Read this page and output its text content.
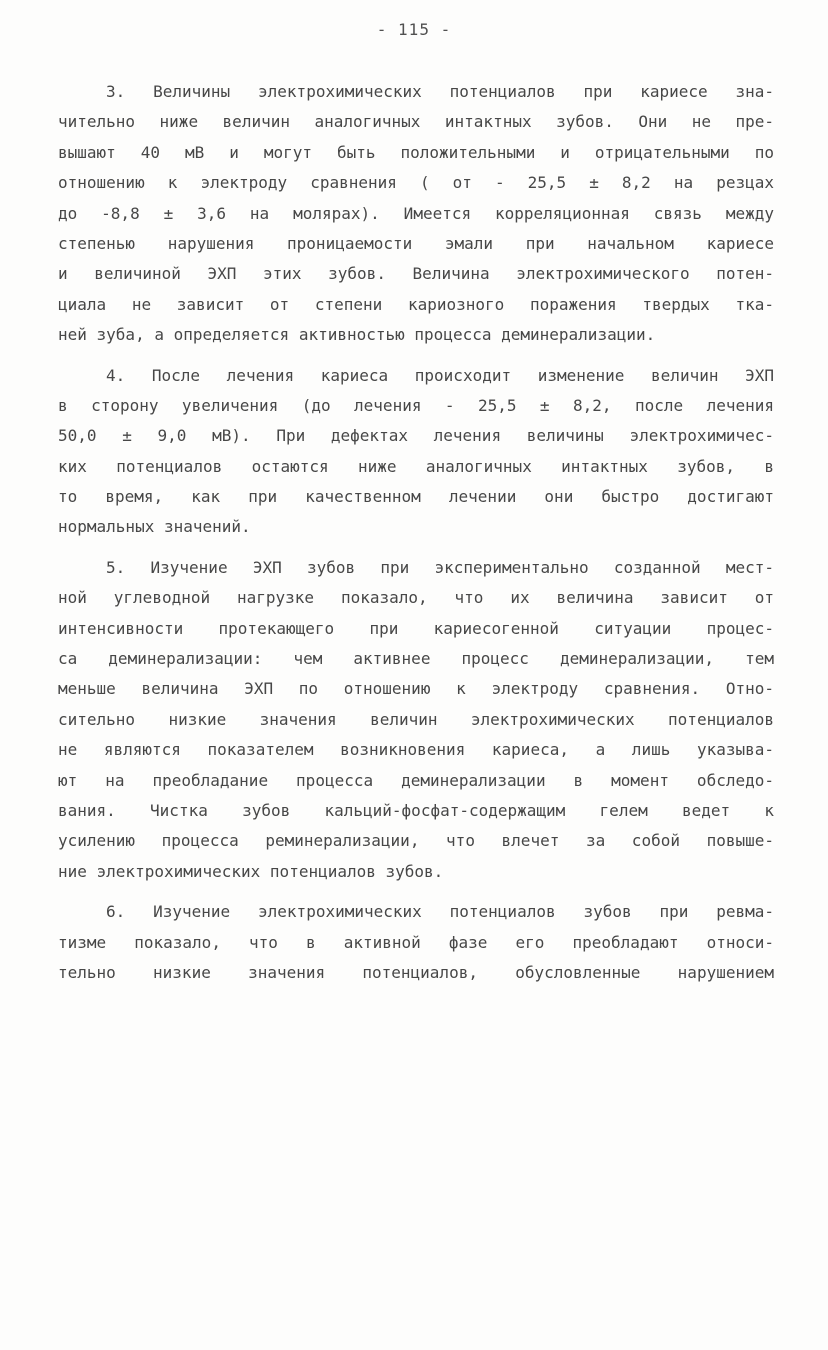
- 115 -
3. Величины электрохимических потенциалов при кариесе зна-
чительно ниже величин аналогичных интактных зубов. Они не пре-
вышают 40 мВ и могут быть положительными и отрицательными по
отношению к электроду сравнения ( от - 25,5 ± 8,2 на резцах
до -8,8 ± 3,6 на молярах). Имеется корреляционная связь между
степенью нарушения проницаемости эмали при начальном кариесе
и величиной ЭХП этих зубов. Величина электрохимического потен-
циала не зависит от степени кариозного поражения твердых тка-
ней зуба, а определяется активностью процесса деминерализации.
4. После лечения кариеса происходит изменение величин ЭХП
в сторону увеличения (до лечения - 25,5 ± 8,2, после лечения
50,0 ± 9,0 мВ). При дефектах лечения величины электрохимичес-
ких потенциалов остаются ниже аналогичных интактных зубов, в
то время, как при качественном лечении они быстро достигают
нормальных значений.
5. Изучение ЭХП зубов при экспериментально созданной мест-
ной углеводной нагрузке показало, что их величина зависит от
интенсивности протекающего при кариесогенной ситуации процес-
са деминерализации: чем активнее процесс деминерализации, тем
меньше величина ЭХП по отношению к электроду сравнения. Отно-
сительно низкие значения величин электрохимических потенциалов
не являются показателем возникновения кариеса, а лишь указыва-
ют на преобладание процесса деминерализации в момент обследо-
вания. Чистка зубов кальций-фосфат-содержащим гелем ведет к
усилению процесса реминерализации, что влечет за собой повыше-
ние электрохимических потенциалов зубов.
6. Изучение электрохимических потенциалов зубов при ревма-
тизме показало, что в активной фазе его преобладают относи-
тельно низкие значения потенциалов, обусловленные нарушением
